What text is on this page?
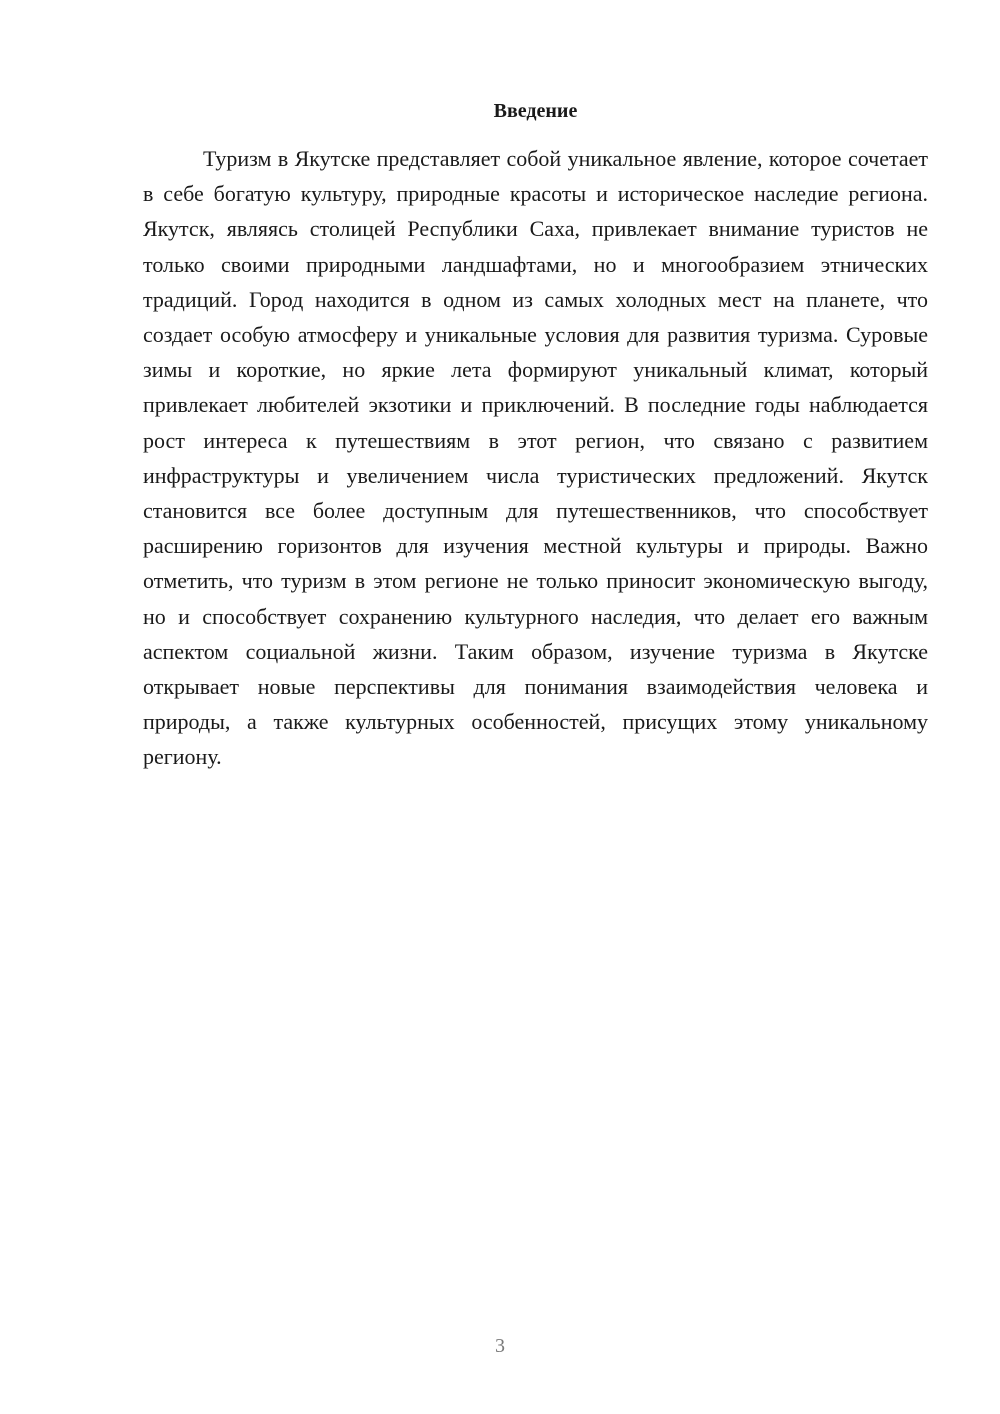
Введение

Туризм в Якутске представляет собой уникальное явление, которое сочетает в себе богатую культуру, природные красоты и историческое наследие региона. Якутск, являясь столицей Республики Саха, привлекает внимание туристов не только своими природными ландшафтами, но и многообразием этнических традиций. Город находится в одном из самых холодных мест на планете, что создает особую атмосферу и уникальные условия для развития туризма. Суровые зимы и короткие, но яркие лета формируют уникальный климат, который привлекает любителей экзотики и приключений. В последние годы наблюдается рост интереса к путешествиям в этот регион, что связано с развитием инфраструктуры и увеличением числа туристических предложений. Якутск становится все более доступным для путешественников, что способствует расширению горизонтов для изучения местной культуры и природы. Важно отметить, что туризм в этом регионе не только приносит экономическую выгоду, но и способствует сохранению культурного наследия, что делает его важным аспектом социальной жизни. Таким образом, изучение туризма в Якутске открывает новые перспективы для понимания взаимодействия человека и природы, а также культурных особенностей, присущих этому уникальному региону.

3
